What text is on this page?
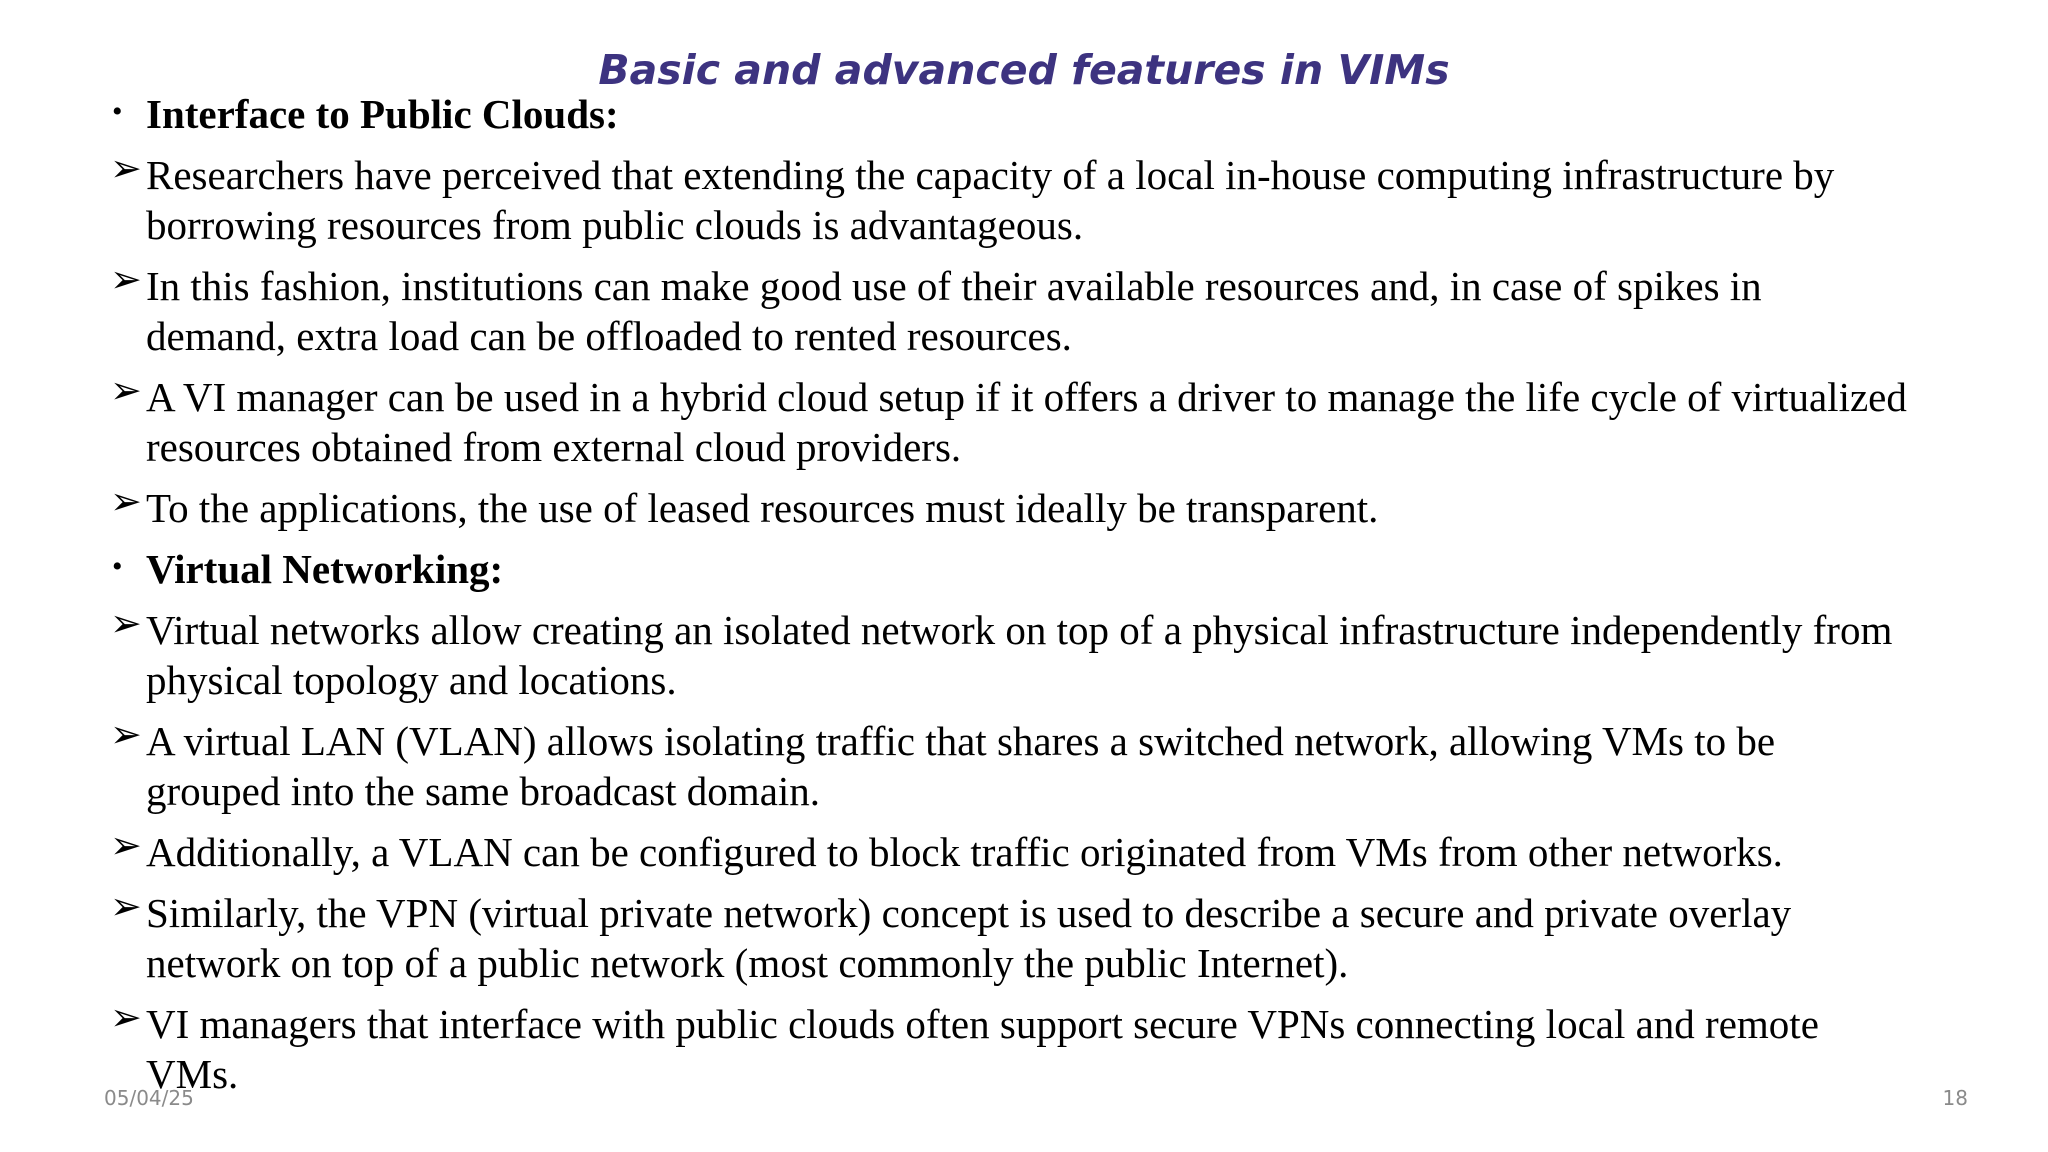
Basic and advanced features in VIMs
• Interface to Public Clouds:
➢ Researchers have perceived that extending the capacity of a local in-house computing infrastructure by borrowing resources from public clouds is advantageous.
➢ In this fashion, institutions can make good use of their available resources and, in case of spikes in demand, extra load can be offloaded to rented resources.
➢ A VI manager can be used in a hybrid cloud setup if it offers a driver to manage the life cycle of virtualized resources obtained from external cloud providers.
➢ To the applications, the use of leased resources must ideally be transparent.
• Virtual Networking:
➢ Virtual networks allow creating an isolated network on top of a physical infrastructure independently from physical topology and locations.
➢ A virtual LAN (VLAN) allows isolating traffic that shares a switched network, allowing VMs to be grouped into the same broadcast domain.
➢ Additionally, a VLAN can be configured to block traffic originated from VMs from other networks.
➢ Similarly, the VPN (virtual private network) concept is used to describe a secure and private overlay network on top of a public network (most commonly the public Internet).
➢ VI managers that interface with public clouds often support secure VPNs connecting local and remote VMs.
05/04/25	18
